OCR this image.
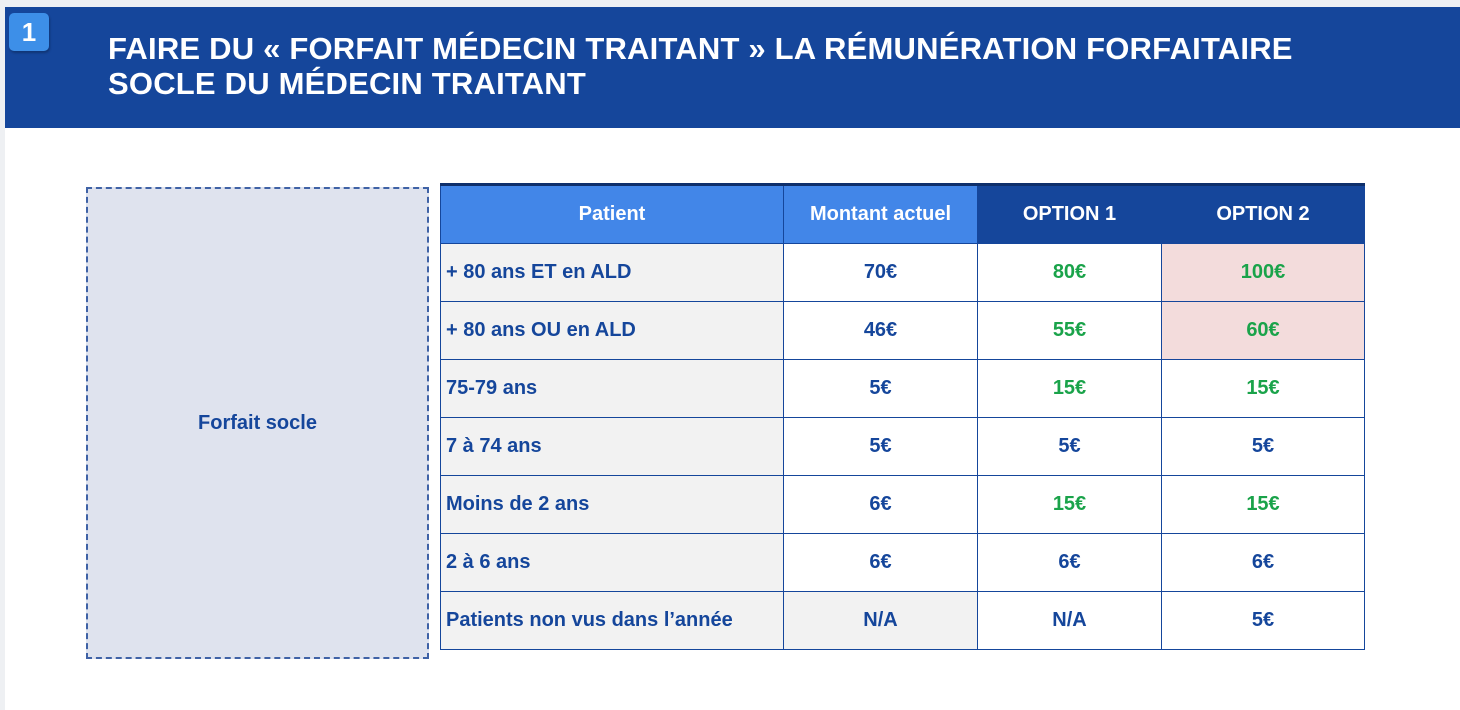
1	FAIRE DU « FORFAIT MÉDECIN TRAITANT » LA RÉMUNÉRATION FORFAITAIRE SOCLE DU MÉDECIN TRAITANT
Forfait socle
Patient	Montant actuel	OPTION 1	OPTION 2
+ 80 ans ET en ALD	70€	80€	100€
+ 80 ans OU en ALD	46€	55€	60€
75-79 ans	5€	15€	15€
7 à 74 ans	5€	5€	5€
Moins de 2 ans	6€	15€	15€
2 à 6 ans	6€	6€	6€
Patients non vus dans l’année	N/A	N/A	5€
